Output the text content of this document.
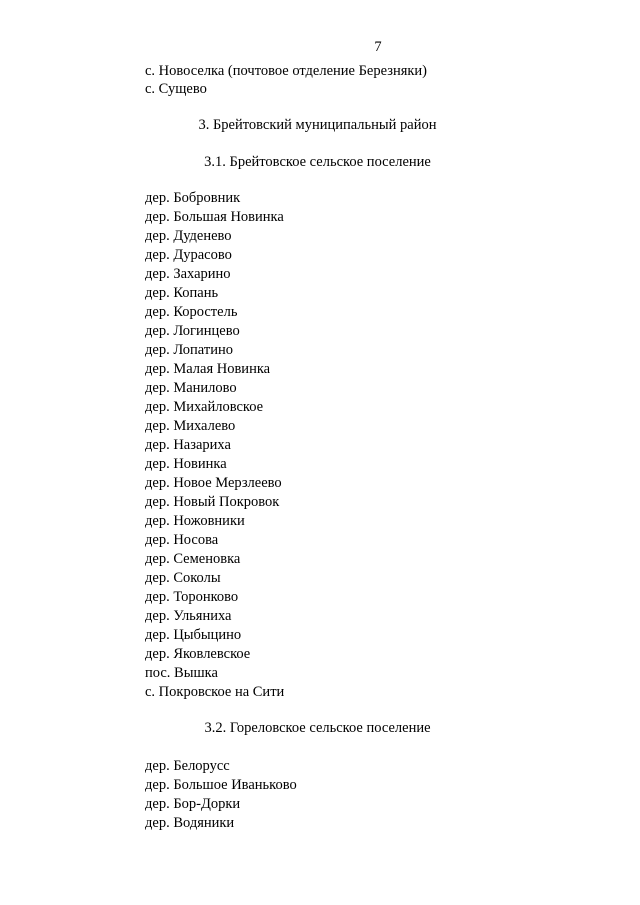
7
с. Новоселка (почтовое отделение Березняки)
с. Сущево
3. Брейтовский муниципальный район
3.1. Брейтовское сельское поселение
дер. Бобровник
дер. Большая Новинка
дер. Дуденево
дер. Дурасово
дер. Захарино
дер. Копань
дер. Коростель
дер. Логинцево
дер. Лопатино
дер. Малая Новинка
дер. Манилово
дер. Михайловское
дер. Михалево
дер. Назариха
дер. Новинка
дер. Новое Мерзлеево
дер. Новый Покровок
дер. Ножовники
дер. Носова
дер. Семеновка
дер. Соколы
дер. Торонково
дер. Ульяниха
дер. Цыбыцино
дер. Яковлевское
пос. Вышка
с. Покровское на Сити
3.2. Гореловское сельское поселение
дер. Белорусс
дер. Большое Иваньково
дер. Бор-Дорки
дер. Водяники
